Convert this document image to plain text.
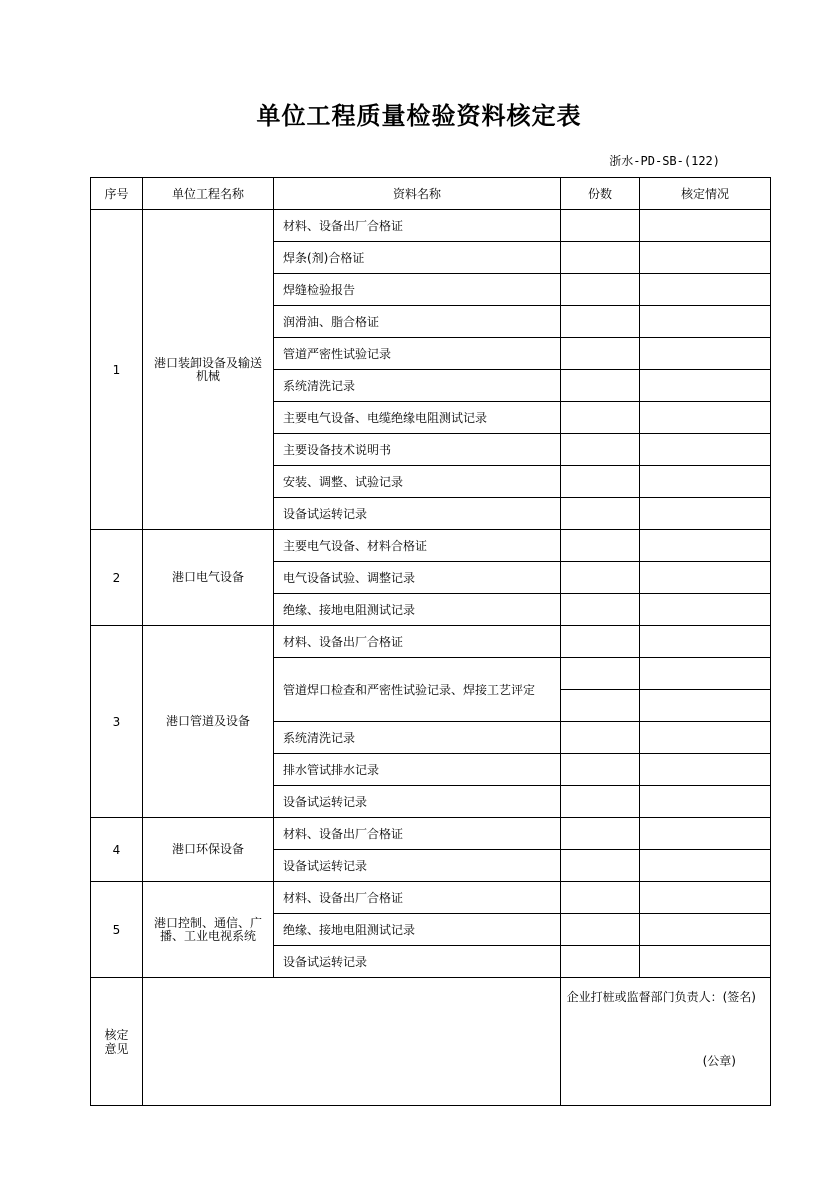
单位工程质量检验资料核定表
浙水-PD-SB-(122)
序号	单位工程名称	资料名称	份数	核定情况
1	港口装卸设备及输送机械	材料、设备出厂合格证		
		焊条(剂)合格证		
		焊缝检验报告		
		润滑油、脂合格证		
		管道严密性试验记录		
		系统清洗记录		
		主要电气设备、电缆绝缘电阻测试记录		
		主要设备技术说明书		
		安装、调整、试验记录		
		设备试运转记录		
2	港口电气设备	主要电气设备、材料合格证		
		电气设备试验、调整记录		
		绝缘、接地电阻测试记录		
3	港口管道及设备	材料、设备出厂合格证		
		管道焊口检查和严密性试验记录、焊接工艺评定		

		系统清洗记录		
		排水管试排水记录		
		设备试运转记录		
4	港口环保设备	材料、设备出厂合格证		
		设备试运转记录		
5	港口控制、通信、广播、工业电视系统	材料、设备出厂合格证		
		绝缘、接地电阻测试记录		
		设备试运转记录		
核定意见			企业打桩或监督部门负责人：(签名)
(公章)	
